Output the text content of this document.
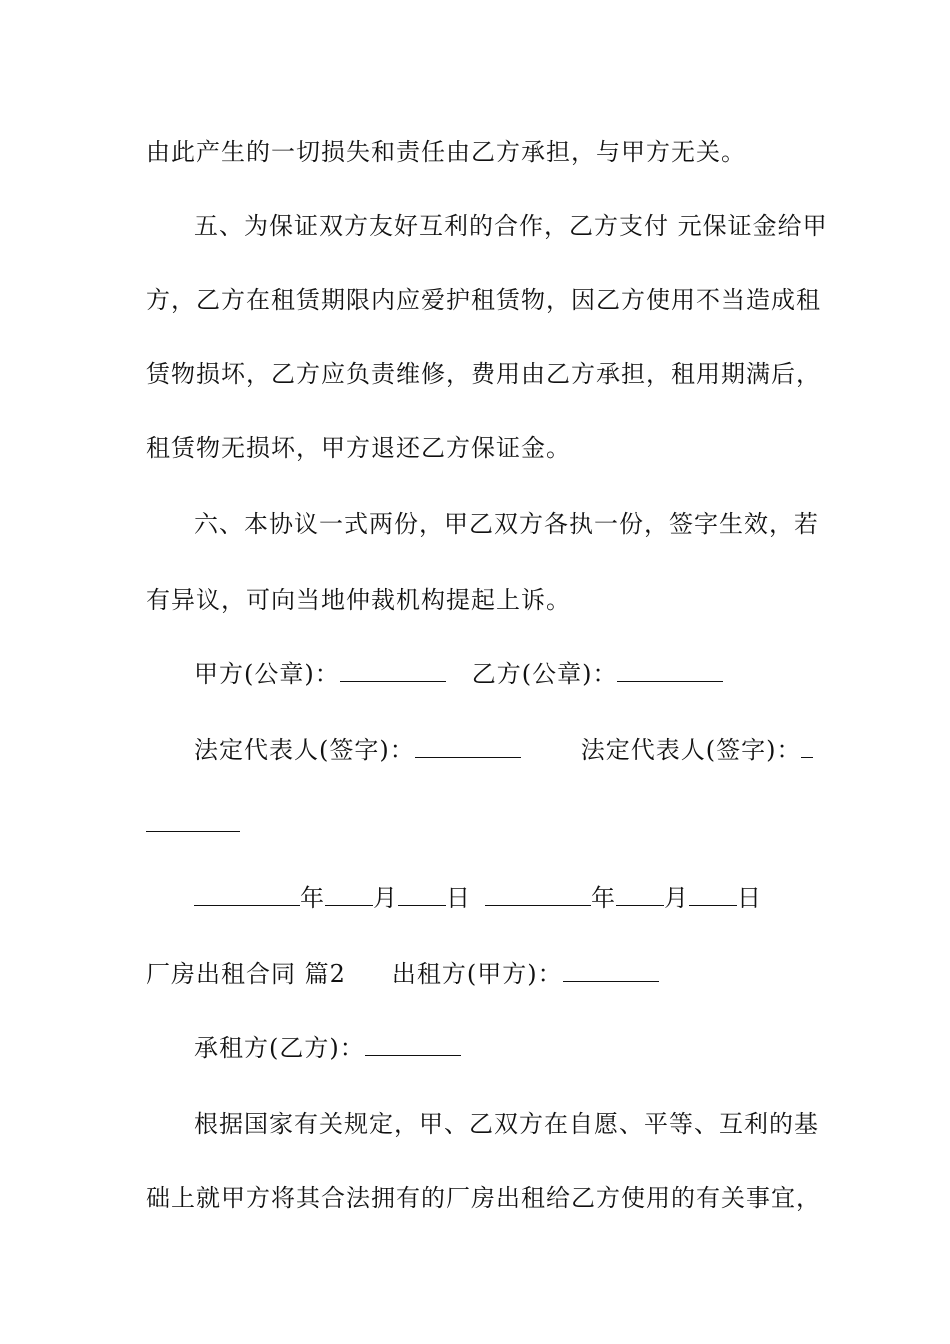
由此产生的一切损失和责任由乙方承担，与甲方无关。
五、为保证双方友好互利的合作，乙方支付 元保证金给甲
方，乙方在租赁期限内应爱护租赁物，因乙方使用不当造成租
赁物损坏，乙方应负责维修，费用由乙方承担，租用期满后，
租赁物无损坏，甲方退还乙方保证金。
六、本协议一式两份，甲乙双方各执一份，签字生效，若
有异议，可向当地仲裁机构提起上诉。
甲方(公章)：	乙方(公章)：
法定代表人(签字)：	法定代表人(签字)：
年 月 日	年 月 日
厂房出租合同 篇2 出租方(甲方)：
承租方(乙方)：
根据国家有关规定，甲、乙双方在自愿、平等、互利的基
础上就甲方将其合法拥有的厂房出租给乙方使用的有关事宜，
